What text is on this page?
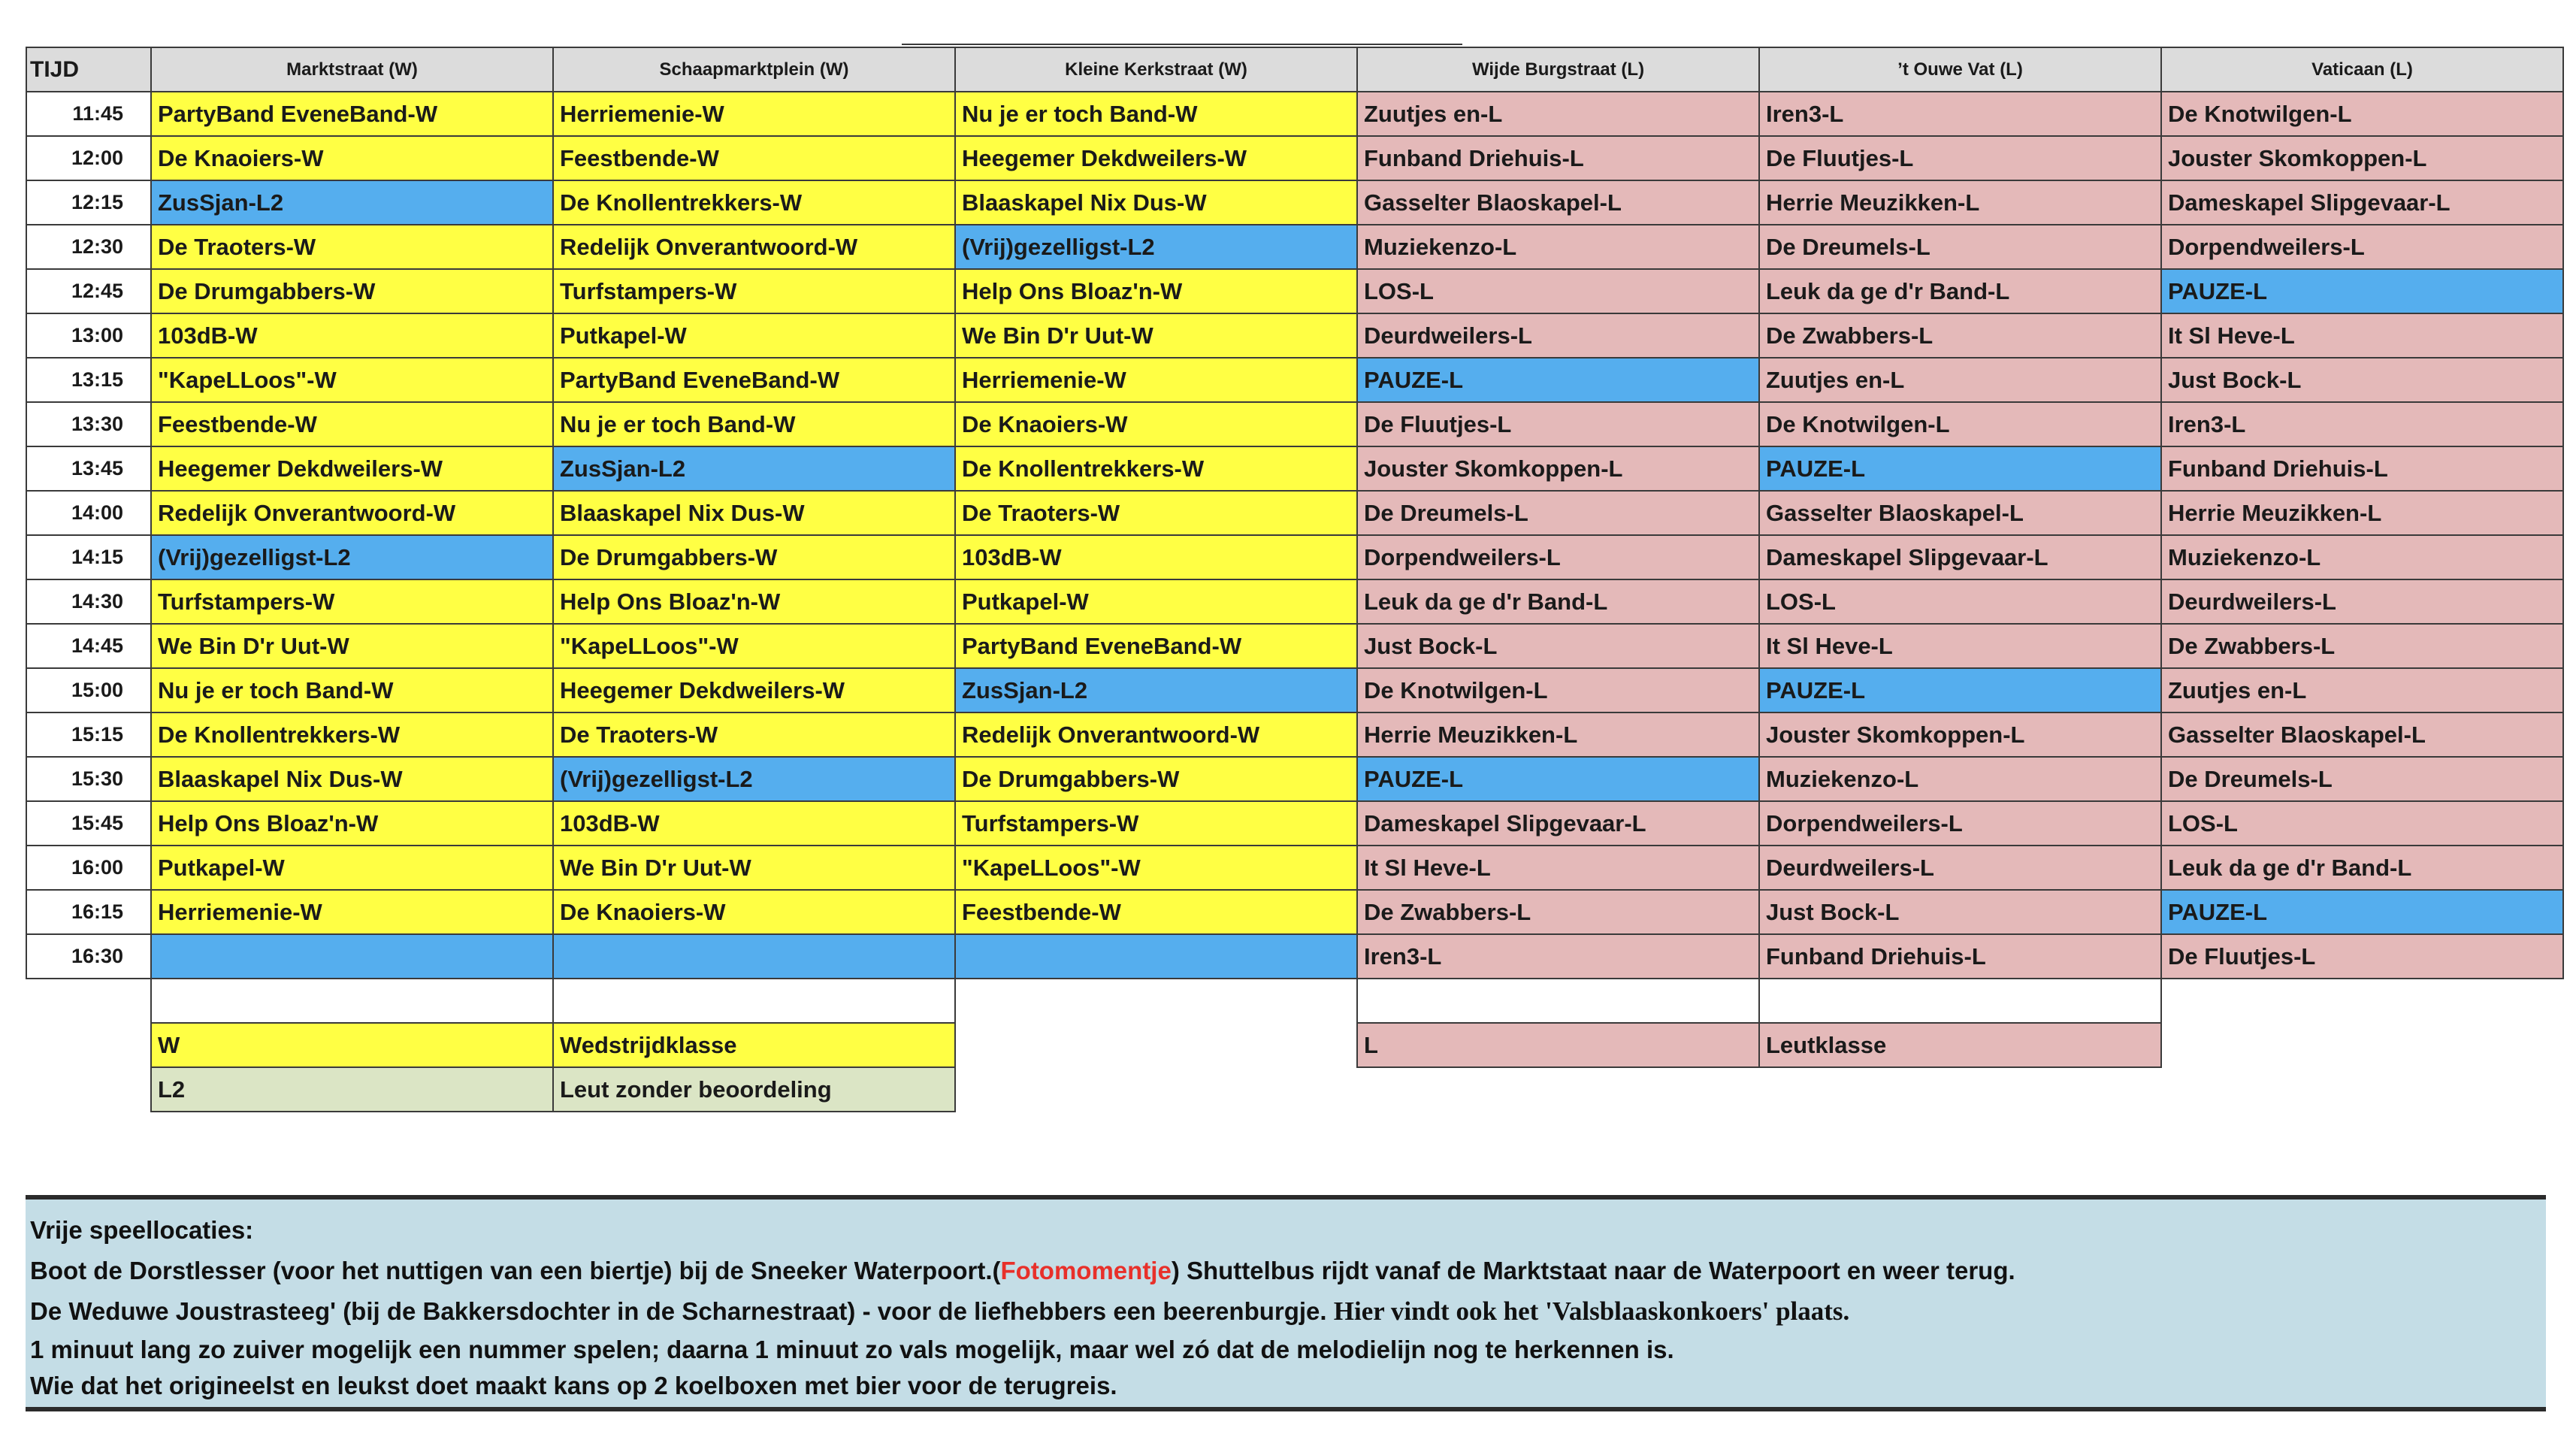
TIJD	Marktstraat (W)	Schaapmarktplein (W)	Kleine Kerkstraat (W)	Wijde Burgstraat (L)	’t Ouwe Vat (L)	Vaticaan (L)
11:45	PartyBand EveneBand-W	Herriemenie-W	Nu je er toch Band-W	Zuutjes en-L	Iren3-L	De Knotwilgen-L
12:00	De Knaoiers-W	Feestbende-W	Heegemer Dekdweilers-W	Funband Driehuis-L	De Fluutjes-L	Jouster Skomkoppen-L
12:15	ZusSjan-L2	De Knollentrekkers-W	Blaaskapel Nix Dus-W	Gasselter Blaoskapel-L	Herrie Meuzikken-L	Dameskapel Slipgevaar-L
12:30	De Traoters-W	Redelijk Onverantwoord-W	(Vrij)gezelligst-L2	Muziekenzo-L	De Dreumels-L	Dorpendweilers-L
12:45	De Drumgabbers-W	Turfstampers-W	Help Ons Bloaz'n-W	LOS-L	Leuk da ge d'r Band-L	PAUZE-L
13:00	103dB-W	Putkapel-W	We Bin D'r Uut-W	Deurdweilers-L	De Zwabbers-L	It Sl Heve-L
13:15	"KapeLLoos"-W	PartyBand EveneBand-W	Herriemenie-W	PAUZE-L	Zuutjes en-L	Just Bock-L
13:30	Feestbende-W	Nu je er toch Band-W	De Knaoiers-W	De Fluutjes-L	De Knotwilgen-L	Iren3-L
13:45	Heegemer Dekdweilers-W	ZusSjan-L2	De Knollentrekkers-W	Jouster Skomkoppen-L	PAUZE-L	Funband Driehuis-L
14:00	Redelijk Onverantwoord-W	Blaaskapel Nix Dus-W	De Traoters-W	De Dreumels-L	Gasselter Blaoskapel-L	Herrie Meuzikken-L
14:15	(Vrij)gezelligst-L2	De Drumgabbers-W	103dB-W	Dorpendweilers-L	Dameskapel Slipgevaar-L	Muziekenzo-L
14:30	Turfstampers-W	Help Ons Bloaz'n-W	Putkapel-W	Leuk da ge d'r Band-L	LOS-L	Deurdweilers-L
14:45	We Bin D'r Uut-W	"KapeLLoos"-W	PartyBand EveneBand-W	Just Bock-L	It Sl Heve-L	De Zwabbers-L
15:00	Nu je er toch Band-W	Heegemer Dekdweilers-W	ZusSjan-L2	De Knotwilgen-L	PAUZE-L	Zuutjes en-L
15:15	De Knollentrekkers-W	De Traoters-W	Redelijk Onverantwoord-W	Herrie Meuzikken-L	Jouster Skomkoppen-L	Gasselter Blaoskapel-L
15:30	Blaaskapel Nix Dus-W	(Vrij)gezelligst-L2	De Drumgabbers-W	PAUZE-L	Muziekenzo-L	De Dreumels-L
15:45	Help Ons Bloaz'n-W	103dB-W	Turfstampers-W	Dameskapel Slipgevaar-L	Dorpendweilers-L	LOS-L
16:00	Putkapel-W	We Bin D'r Uut-W	"KapeLLoos"-W	It Sl Heve-L	Deurdweilers-L	Leuk da ge d'r Band-L
16:15	Herriemenie-W	De Knaoiers-W	Feestbende-W	De Zwabbers-L	Just Bock-L	PAUZE-L
16:30				Iren3-L	Funband Driehuis-L	De Fluutjes-L

	W	Wedstrijdklasse		L	Leutklasse	
	L2	Leut zonder beoordeling				
Vrije speellocaties:
Boot de Dorstlesser (voor het nuttigen van een biertje) bij de Sneeker Waterpoort.(Fotomomentje) Shuttelbus rijdt vanaf de Marktstaat naar de Waterpoort en weer terug.
De Weduwe Joustrasteeg' (bij de Bakkersdochter in de Scharnestraat) - voor de liefhebbers een beerenburgje. Hier vindt ook het 'Valsblaaskonkoers' plaats.
1 minuut lang zo zuiver mogelijk een nummer spelen; daarna 1 minuut zo vals mogelijk, maar wel zó dat de melodielijn nog te herkennen is.
Wie dat het origineelst en leukst doet maakt kans op 2 koelboxen met bier voor de terugreis.
